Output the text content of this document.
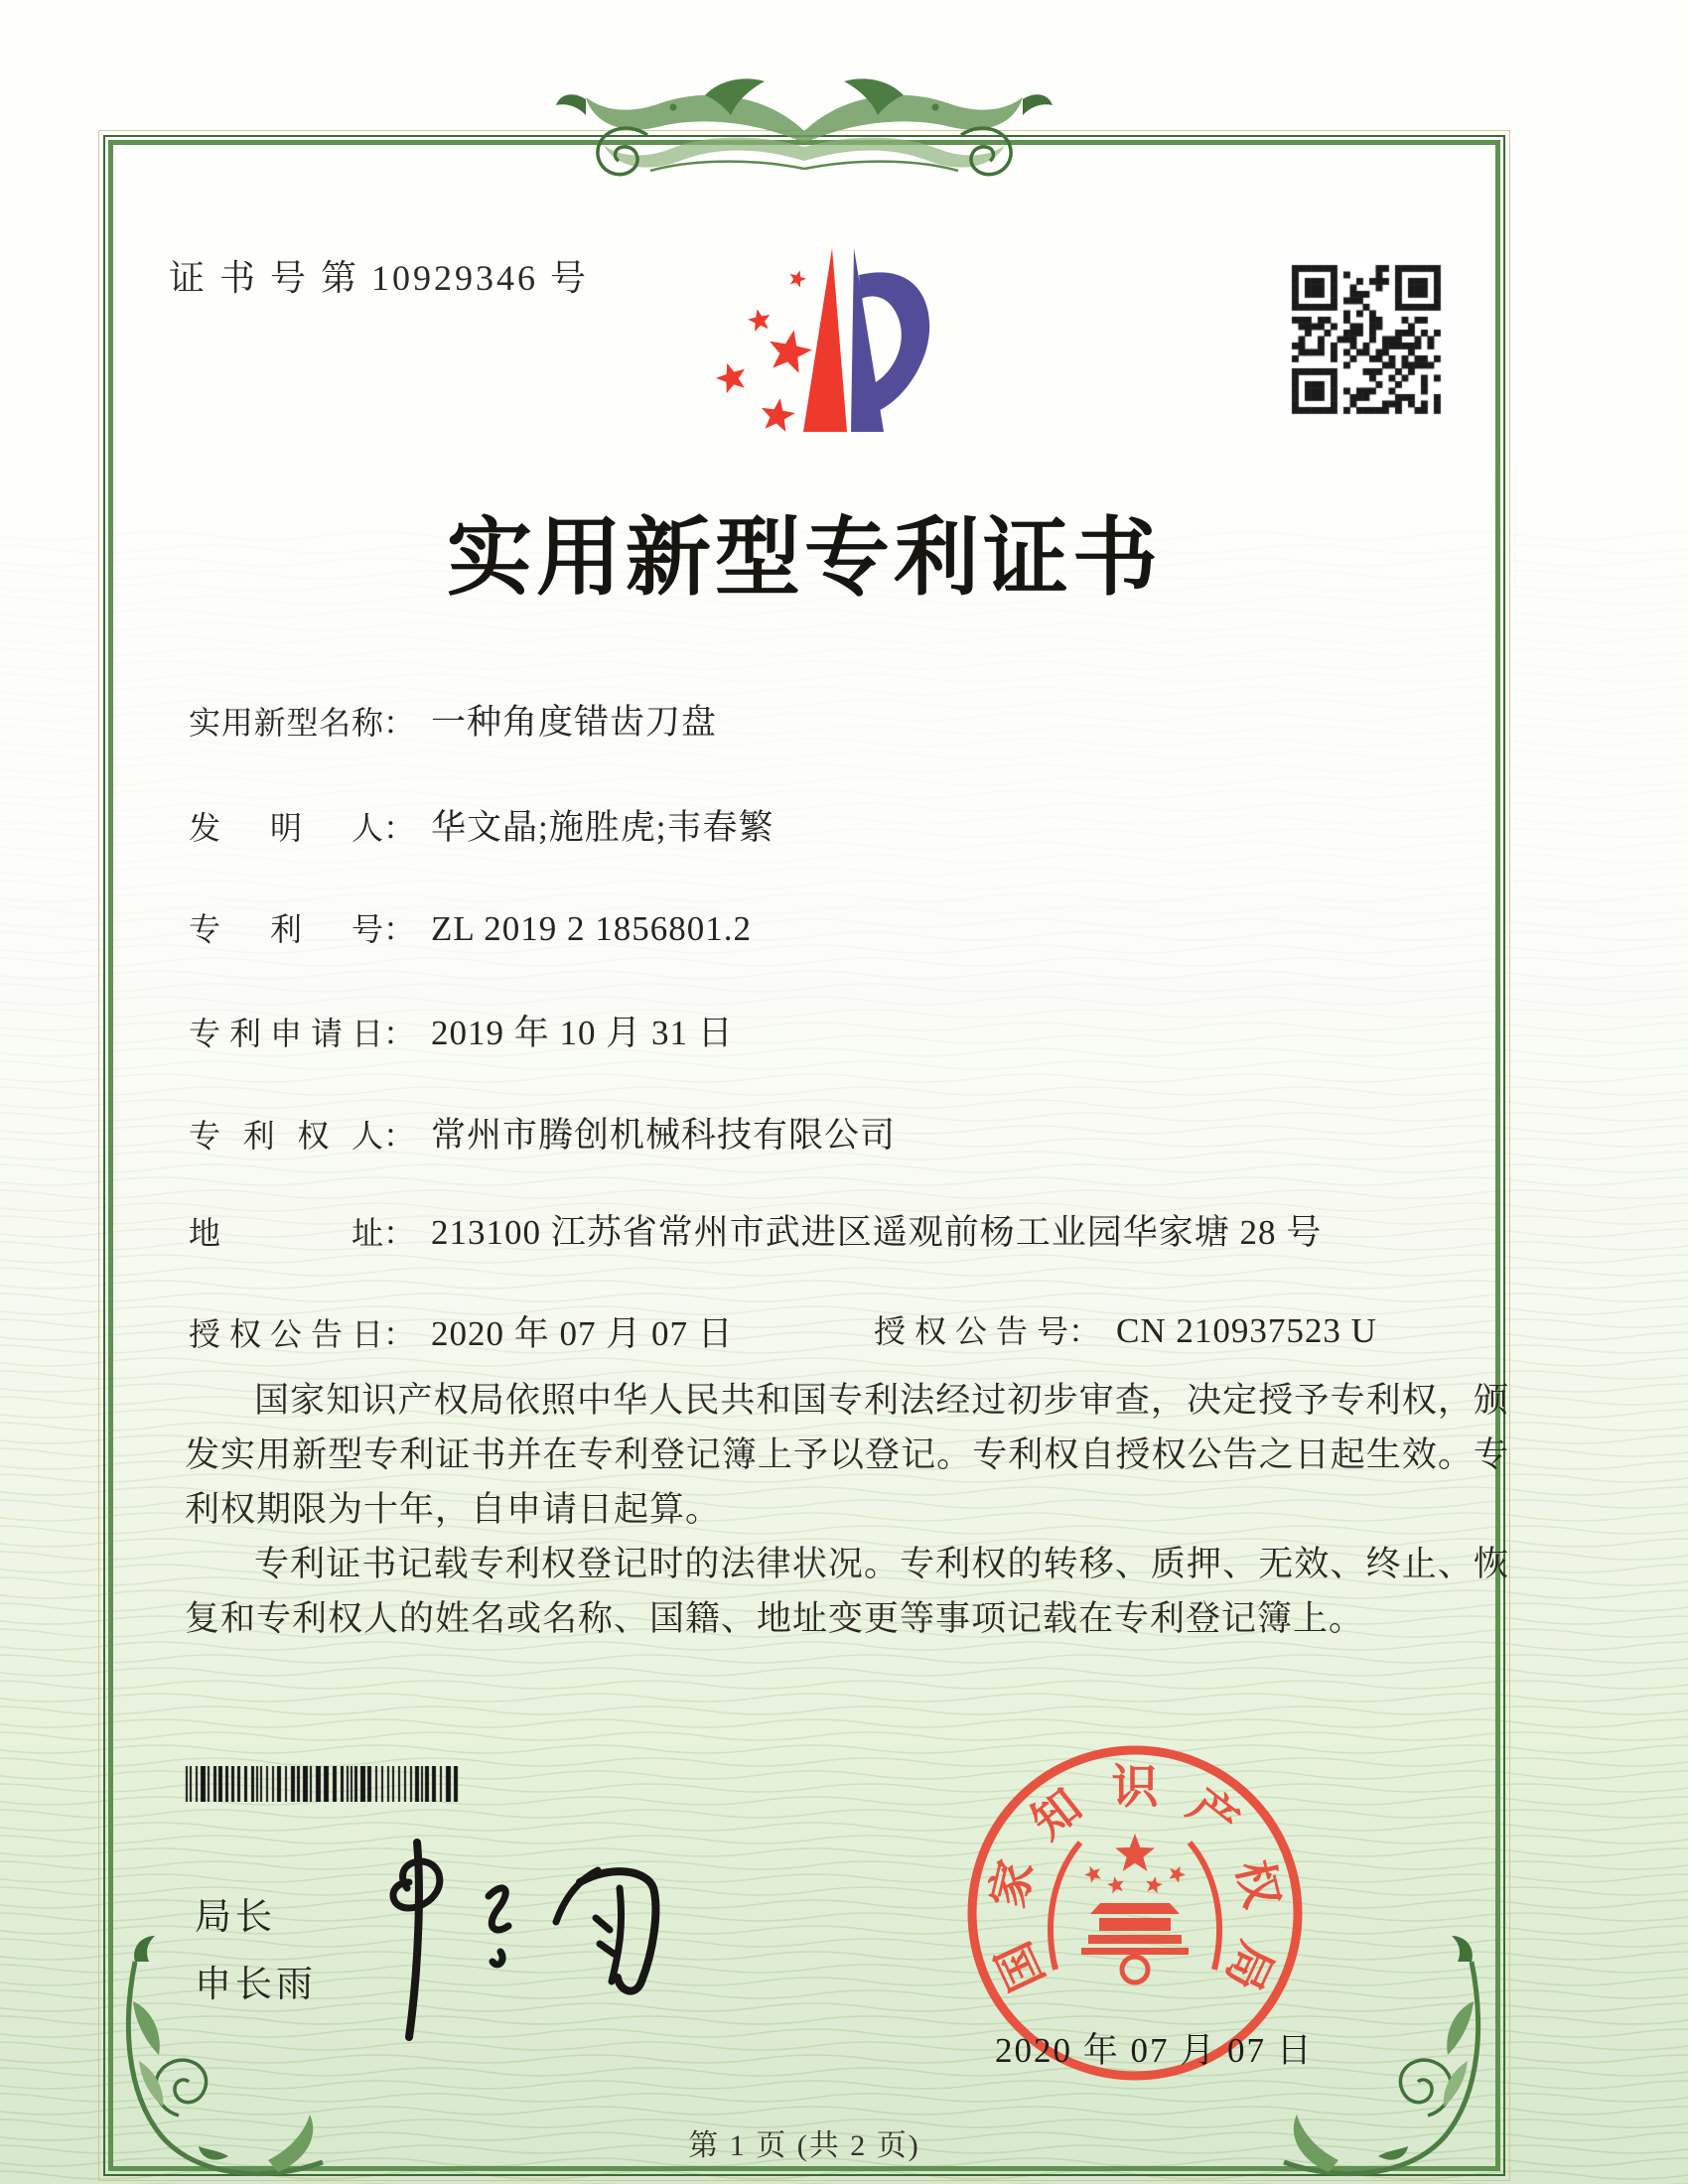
证 书 号 第 10929346 号
实用新型专利证书
实用新型名称： 一种角度错齿刀盘
发明人： 华文晶;施胜虎;韦春繁
专利号： ZL 2019 2 1856801.2
专利申请日： 2019 年 10 月 31 日
专利权人： 常州市腾创机械科技有限公司
地址： 213100 江苏省常州市武进区遥观前杨工业园华家塘 28 号
授权公告日： 2020 年 07 月 07 日	授权公告号： CN 210937523 U

国家知识产权局依照中华人民共和国专利法经过初步审查，决定授予专利权，颁发实用新型专利证书并在专利登记簿上予以登记。专利权自授权公告之日起生效。专利权期限为十年，自申请日起算。

专利证书记载专利权登记时的法律状况。专利权的转移、质押、无效、终止、恢复和专利权人的姓名或名称、国籍、地址变更等事项记载在专利登记簿上。

局长
申长雨	国
家
知 识 产
权
局
2020 年 07 月 07 日
第 1 页 (共 2 页)
